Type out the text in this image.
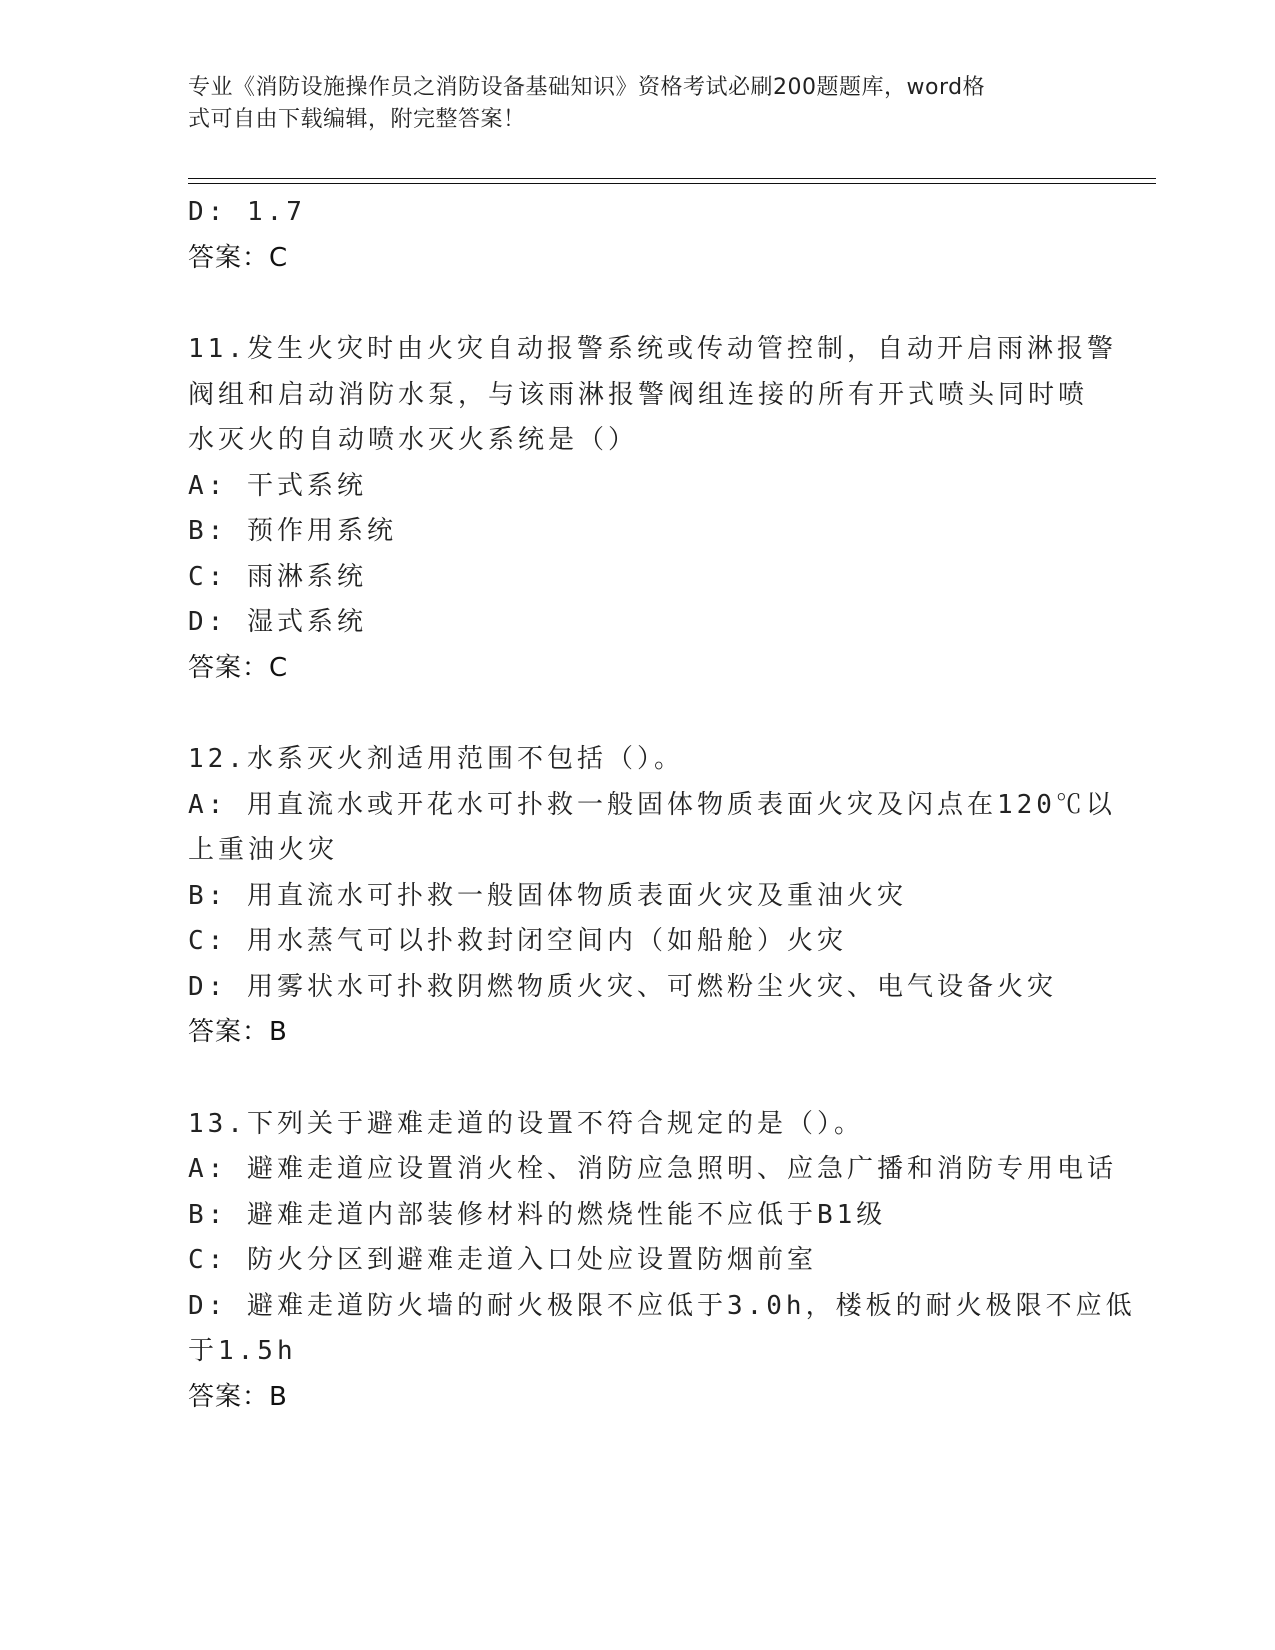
专业《消防设施操作员之消防设备基础知识》资格考试必刷200题题库，word格
式可自由下载编辑，附完整答案！
D: 1.7
答案：C
11.发生火灾时由火灾自动报警系统或传动管控制，自动开启雨淋报警
阀组和启动消防水泵，与该雨淋报警阀组连接的所有开式喷头同时喷
水灭火的自动喷水灭火系统是（）
A: 干式系统
B: 预作用系统
C: 雨淋系统
D: 湿式系统
答案：C
12.水系灭火剂适用范围不包括（）。
A: 用直流水或开花水可扑救一般固体物质表面火灾及闪点在120℃以
上重油火灾
B: 用直流水可扑救一般固体物质表面火灾及重油火灾
C: 用水蒸气可以扑救封闭空间内（如船舱）火灾
D: 用雾状水可扑救阴燃物质火灾、可燃粉尘火灾、电气设备火灾
答案：B
13.下列关于避难走道的设置不符合规定的是（）。
A: 避难走道应设置消火栓、消防应急照明、应急广播和消防专用电话
B: 避难走道内部装修材料的燃烧性能不应低于B1级
C: 防火分区到避难走道入口处应设置防烟前室
D: 避难走道防火墙的耐火极限不应低于3.0h，楼板的耐火极限不应低
于1.5h
答案：B
